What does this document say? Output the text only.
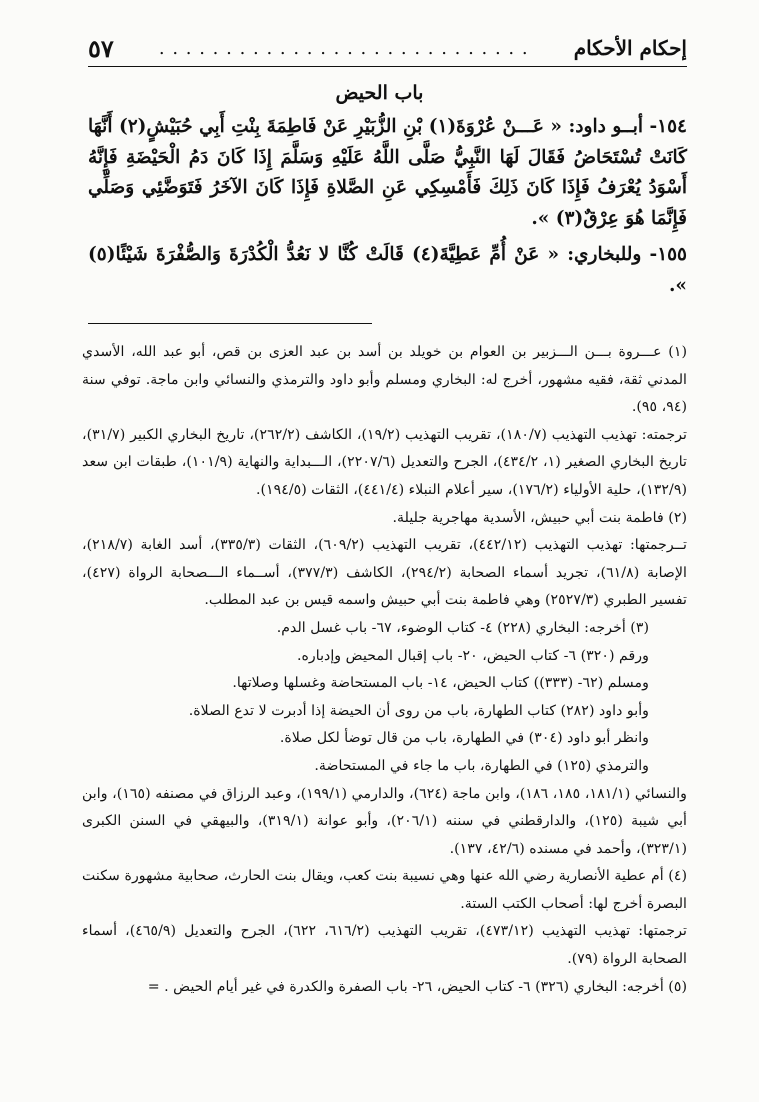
٥٧	. . . . . . . . . . . . . . . . . . . . . . . . . . . .	إحكام الأحكام
باب الحيض

١٥٤- أبــو داود: « عَـــنْ عُرْوَةَ(١) بْنِ الزُّبَيْرِ عَنْ فَاطِمَةَ بِنْتِ أَبِي حُبَيْشٍ(٢) أَنَّهَا كَانَتْ تُسْتَحَاضُ فَقَالَ لَهَا النَّبِيُّ صَلَّى اللَّهُ عَلَيْهِ وَسَلَّمَ إِذَا كَانَ دَمُ الْحَيْضَةِ فَإِنَّهُ أَسْوَدُ يُعْرَفُ فَإِذَا كَانَ ذَلِكَ فَأَمْسِكِي عَنِ الصَّلاةِ فَإِذَا كَانَ الآخَرُ فَتَوَضَّئِي وَصَلِّي فَإِنَّمَا هُوَ عِرْقٌ(٣) ».

١٥٥- وللبخاري: « عَنْ أُمِّ عَطِيَّةَ(٤) قَالَتْ كُنَّا لا نَعُدُّ الْكُدْرَةَ وَالصُّفْرَةَ شَيْئًا(٥) ».

(١) عـــروة بـــن الـــزبير بن العوام بن خويلد بن أسد بن عبد العزى بن قص، أبو عبد الله، الأسدي المدني ثقة، فقيه مشهور، أخرج له: البخاري ومسلم وأبو داود والترمذي والنسائي وابن ماجة. توفي سنة (٩٤، ٩٥).

ترجمته: تهذيب التهذيب (١٨٠/٧)، تقريب التهذيب (١٩/٢)، الكاشف (٢٦٢/٢)، تاريخ البخاري الكبير (٣١/٧)، تاريخ البخاري الصغير (١، ٤٣٤/٢)، الجرح والتعديل (٢٢٠٧/٦)، الـــبداية والنهاية (١٠١/٩)، طبقات ابن سعد (١٣٢/٩)، حلية الأولياء (١٧٦/٢)، سير أعلام النبلاء (٤٤١/٤)، الثقات (١٩٤/٥).

(٢) فاطمة بنت أبي حبيش، الأسدية مهاجرية جليلة.

تــرجمتها: تهذيب التهذيب (٤٤٢/١٢)، تقريب التهذيب (٦٠٩/٢)، الثقات (٣٣٥/٣)، أسد الغابة (٢١٨/٧)، الإصابة (٦١/٨)، تجريد أسماء الصحابة (٢٩٤/٢)، الكاشف (٣٧٧/٣)، أســماء الـــصحابة الرواة (٤٢٧)، تفسير الطبري (٢٥٢٧/٣) وهي فاطمة بنت أبي حبيش واسمه قيس بن عبد المطلب.

(٣) أخرجه: البخاري (٢٢٨) ٤- كتاب الوضوء، ٦٧- باب غسل الدم.

ورقم (٣٢٠) ٦- كتاب الحيض، ٢٠- باب إقبال المحيض وإدباره.

ومسلم (٦٢- (٣٣٣)) كتاب الحيض، ١٤- باب المستحاضة وغسلها وصلاتها.

وأبو داود (٢٨٢) كتاب الطهارة، باب من روى أن الحيضة إذا أدبرت لا تدع الصلاة.

وانظر أبو داود (٣٠٤) في الطهارة، باب من قال توضأ لكل صلاة.

والترمذي (١٢٥) في الطهارة، باب ما جاء في المستحاضة.

والنسائي (١٨١/١، ١٨٥، ١٨٦)، وابن ماجة (٦٢٤)، والدارمي (١٩٩/١)، وعبد الرزاق في مصنفه (١٦٥)، وابن أبي شيبة (١٢٥)، والدارقطني في سننه (٢٠٦/١)، وأبو عوانة (٣١٩/١)، والبيهقي في السنن الكبرى (٣٢٣/١)، وأحمد في مسنده (٤٢/٦، ١٣٧).

(٤) أم عطية الأنصارية رضي الله عنها وهي نسيبة بنت كعب، ويقال بنت الحارث، صحابية مشهورة سكنت البصرة أخرج لها: أصحاب الكتب الستة.

ترجمتها: تهذيب التهذيب (٤٧٣/١٢)، تقريب التهذيب (٦١٦/٢، ٦٢٢)، الجرح والتعديل (٤٦٥/٩)، أسماء الصحابة الرواة (٧٩).

(٥) أخرجه: البخاري (٣٢٦) ٦- كتاب الحيض، ٢٦- باب الصفرة والكدرة في غير أيام الحيض . =
